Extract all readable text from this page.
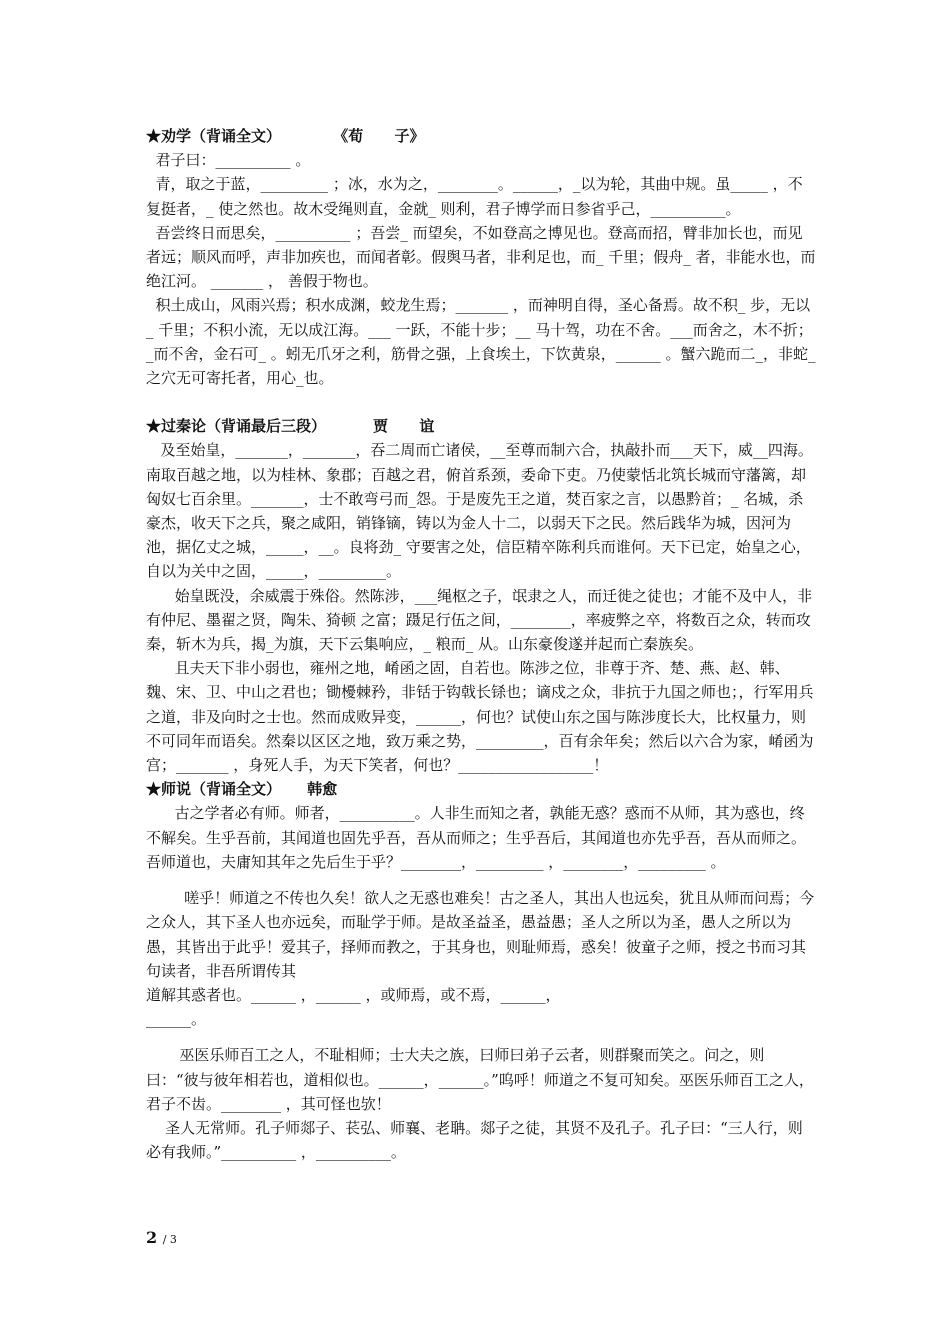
★劝学（背诵全文）          《荀      子》

君子曰：__________ 。

青，取之于蓝，_________ ；冰，水为之，________。______，_以为轮，其曲中规。虽_____ ，不复挺者，_ 使之然也。故木受绳则直，金就_ 则利，君子博学而日参省乎己，__________。

吾尝终日而思矣，__________ ；吾尝_ 而望矣，不如登高之博见也。登高而招，臂非加长也，而见者远；顺风而呼，声非加疾也，而闻者彰。假舆马者，非利足也，而_ 千里；假舟_ 者，非能水也，而绝江河。 _______ ， 善假于物也。

积土成山，风雨兴焉；积水成渊，蛟龙生焉；_______ ，而神明自得，圣心备焉。故不积_ 步，无以_ 千里；不积小流，无以成江海。___ 一跃，不能十步；__ 马十驾，功在不舍。___而舍之，木不折；_而不舍，金石可_ 。蚓无爪牙之利，筋骨之强，上食埃土，下饮黄泉，______ 。蟹六跪而二_，非蛇_ 之穴无可寄托者，用心_也。

★过秦论（背诵最后三段）         贾      谊

及至始皇，_______，_______，吞二周而亡诸侯，__至尊而制六合，执敲扑而___天下，威__四海。南取百越之地，以为桂林、象郡；百越之君，俯首系颈，委命下吏。乃使蒙恬北筑长城而守藩篱，却匈奴七百余里。_______，士不敢弯弓而_怨。于是废先王之道，焚百家之言，以愚黔首；_ 名城，杀豪杰，收天下之兵，聚之咸阳，销锋镝，铸以为金人十二，以弱天下之民。然后践华为城，因河为池，据亿丈之城，_____，__。良将劲_ 守要害之处，信臣精卒陈利兵而谁何。天下已定，始皇之心，自以为关中之固，_____，_________。

始皇既没，余威震于殊俗。然陈涉，___绳枢之子，氓隶之人，而迁徙之徒也；才能不及中人，非有仲尼、墨翟之贤，陶朱、猗顿 之富；蹑足行伍之间，________，率疲弊之卒，将数百之众，转而攻秦，斩木为兵，揭_为旗，天下云集响应，_ 粮而_ 从。山东豪俊遂并起而亡秦族矣。

且夫天下非小弱也，雍州之地，崤函之固，自若也。陈涉之位，非尊于齐、楚、燕、赵、韩、魏、宋、卫、中山之君也；锄櫌棘矜，非铦于钩戟长铩也；谪戍之众，非抗于九国之师也；，行军用兵之道，非及向时之士也。然而成败异变，______，何也？试使山东之国与陈涉度长大，比权量力，则不可同年而语矣。然秦以区区之地，致万乘之势，_________，百有余年矣；然后以六合为家，崤函为宫；_______ ，身死人手，为天下笑者，何也？__________________！

★师说（背诵全文）     韩愈

古之学者必有师。师者，__________。人非生而知之者，孰能无惑？惑而不从师，其为惑也，终不解矣。生乎吾前，其闻道也固先乎吾，吾从而师之；生乎吾后，其闻道也亦先乎吾，吾从而师之。吾师道也，夫庸知其年之先后生于乎？________，_________ ，________，_________ 。

嗟乎！师道之不传也久矣！欲人之无惑也难矣！古之圣人，其出人也远矣，犹且从师而问焉；今之众人，其下圣人也亦远矣，而耻学于师。是故圣益圣，愚益愚；圣人之所以为圣，愚人之所以为愚，其皆出于此乎！爱其子，择师而教之，于其身也，则耻师焉，惑矣！彼童子之师，授之书而习其句读者，非吾所谓传其
道解其惑者也。______ ，______ ，或师焉，或不焉，______，
______。

巫医乐师百工之人，不耻相师；士大夫之族，曰师曰弟子云者，则群聚而笑之。问之，则曰：“彼与彼年相若也，道相似也。______，______。”呜呼！师道之不复可知矣。巫医乐师百工之人，君子不齿。________ ，其可怪也欤！

圣人无常师。孔子师郯子、苌弘、师襄、老聃。郯子之徒，其贤不及孔子。孔子曰：“三人行，则必有我师。”__________ ，__________。

2 / 3
